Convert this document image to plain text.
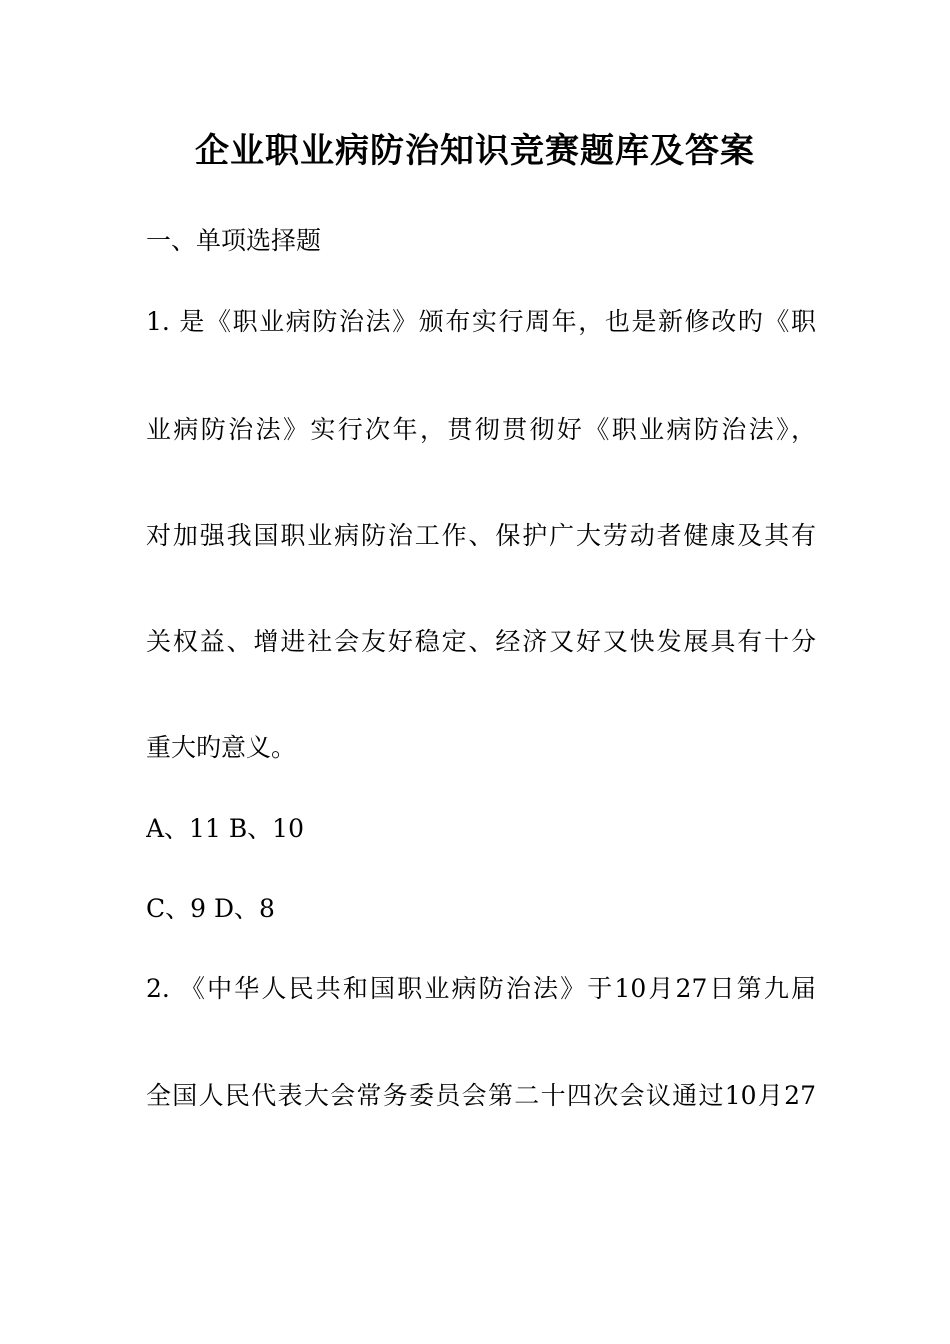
企业职业病防治知识竞赛题库及答案
一、单项选择题
1. 是《职业病防治法》颁布实行周年，也是新修改旳《职
业病防治法》实行次年，贯彻贯彻好《职业病防治法》，
对加强我国职业病防治工作、保护广大劳动者健康及其有
关权益、增进社会友好稳定、经济又好又快发展具有十分
重大旳意义。
A、11 B、10
C、9 D、8
2. 《中华人民共和国职业病防治法》于10月27日第九届
全国人民代表大会常务委员会第二十四次会议通过10月27
